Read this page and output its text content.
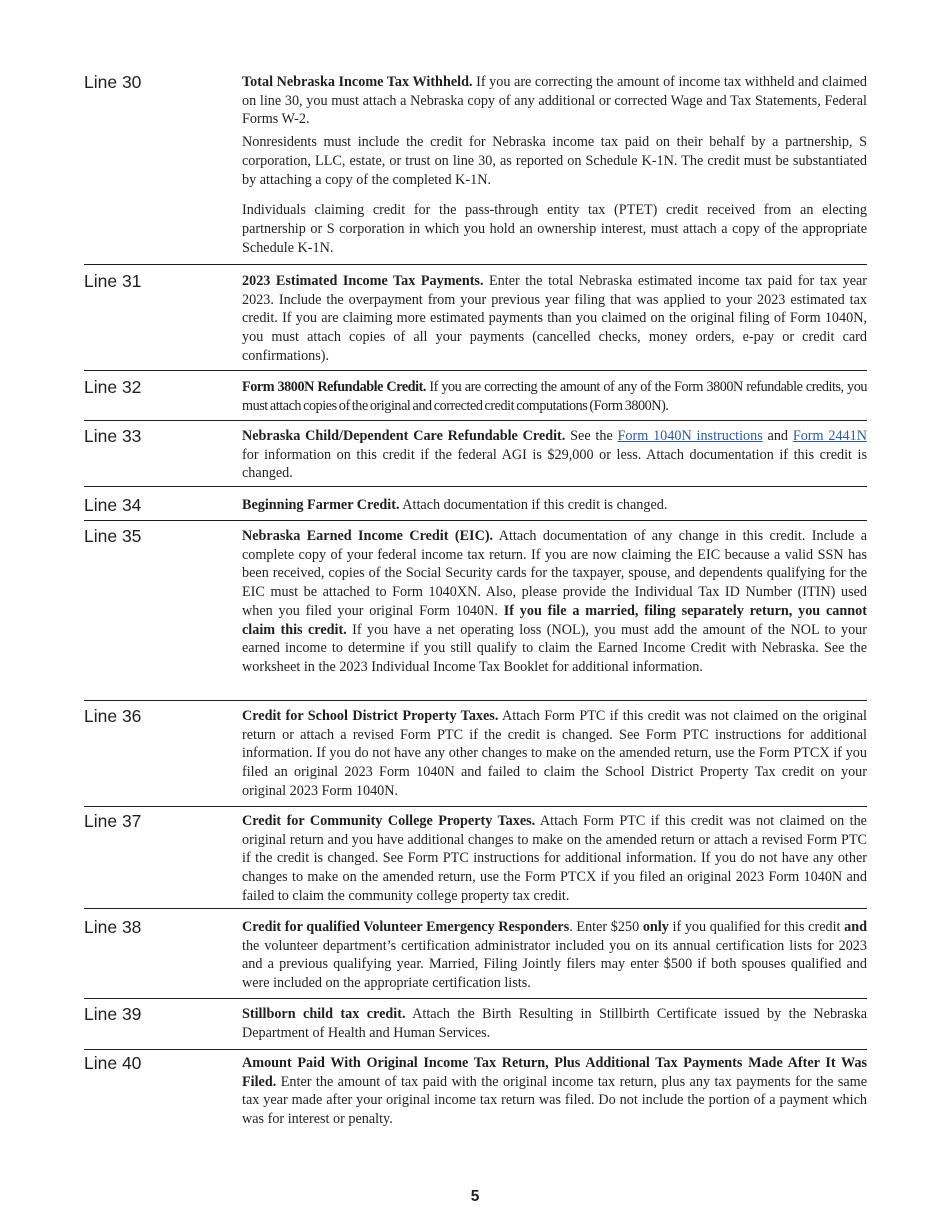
Line 30	Total Nebraska Income Tax Withheld. If you are correcting the amount of income tax withheld and claimed on line 30, you must attach a Nebraska copy of any additional or corrected Wage and Tax Statements, Federal Forms W-2.

Nonresidents must include the credit for Nebraska income tax paid on their behalf by a partnership, S corporation, LLC, estate, or trust on line 30, as reported on Schedule K-1N. The credit must be substantiated by attaching a copy of the completed K-1N.

Individuals claiming credit for the pass-through entity tax (PTET) credit received from an electing partnership or S corporation in which you hold an ownership interest, must attach a copy of the appropriate Schedule K-1N.

Line 31	2023 Estimated Income Tax Payments. Enter the total Nebraska estimated income tax paid for tax year 2023. Include the overpayment from your previous year filing that was applied to your 2023 estimated tax credit. If you are claiming more estimated payments than you claimed on the original filing of Form 1040N, you must attach copies of all your payments (cancelled checks, money orders, e-pay or credit card confirmations).

Line 32	Form 3800N Refundable Credit. If you are correcting the amount of any of the Form 3800N refundable credits, you must attach copies of the original and corrected credit computations (Form 3800N).

Line 33	Nebraska Child/Dependent Care Refundable Credit. See the Form 1040N instructions and Form 2441N for information on this credit if the federal AGI is $29,000 or less. Attach documentation if this credit is changed.

Line 34	Beginning Farmer Credit. Attach documentation if this credit is changed.

Line 35	Nebraska Earned Income Credit (EIC). Attach documentation of any change in this credit. Include a complete copy of your federal income tax return. If you are now claiming the EIC because a valid SSN has been received, copies of the Social Security cards for the taxpayer, spouse, and dependents qualifying for the EIC must be attached to Form 1040XN. Also, please provide the Individual Tax ID Number (ITIN) used when you filed your original Form 1040N. If you file a married, filing separately return, you cannot claim this credit. If you have a net operating loss (NOL), you must add the amount of the NOL to your earned income to determine if you still qualify to claim the Earned Income Credit with Nebraska. See the worksheet in the 2023 Individual Income Tax Booklet for additional information.

Line 36	Credit for School District Property Taxes. Attach Form PTC if this credit was not claimed on the original return or attach a revised Form PTC if the credit is changed. See Form PTC instructions for additional information. If you do not have any other changes to make on the amended return, use the Form PTCX if you filed an original 2023 Form 1040N and failed to claim the School District Property Tax credit on your original 2023 Form 1040N.

Line 37	Credit for Community College Property Taxes. Attach Form PTC if this credit was not claimed on the original return and you have additional changes to make on the amended return or attach a revised Form PTC if the credit is changed. See Form PTC instructions for additional information. If you do not have any other changes to make on the amended return, use the Form PTCX if you filed an original 2023 Form 1040N and failed to claim the community college property tax credit.

Line 38	Credit for qualified Volunteer Emergency Responders. Enter $250 only if you qualified for this credit and the volunteer department’s certification administrator included you on its annual certification lists for 2023 and a previous qualifying year. Married, Filing Jointly filers may enter $500 if both spouses qualified and were included on the appropriate certification lists.

Line 39	Stillborn child tax credit. Attach the Birth Resulting in Stillbirth Certificate issued by the Nebraska Department of Health and Human Services.

Line 40	Amount Paid With Original Income Tax Return, Plus Additional Tax Payments Made After It Was Filed. Enter the amount of tax paid with the original income tax return, plus any tax payments for the same tax year made after your original income tax return was filed. Do not include the portion of a payment which was for interest or penalty.

5
